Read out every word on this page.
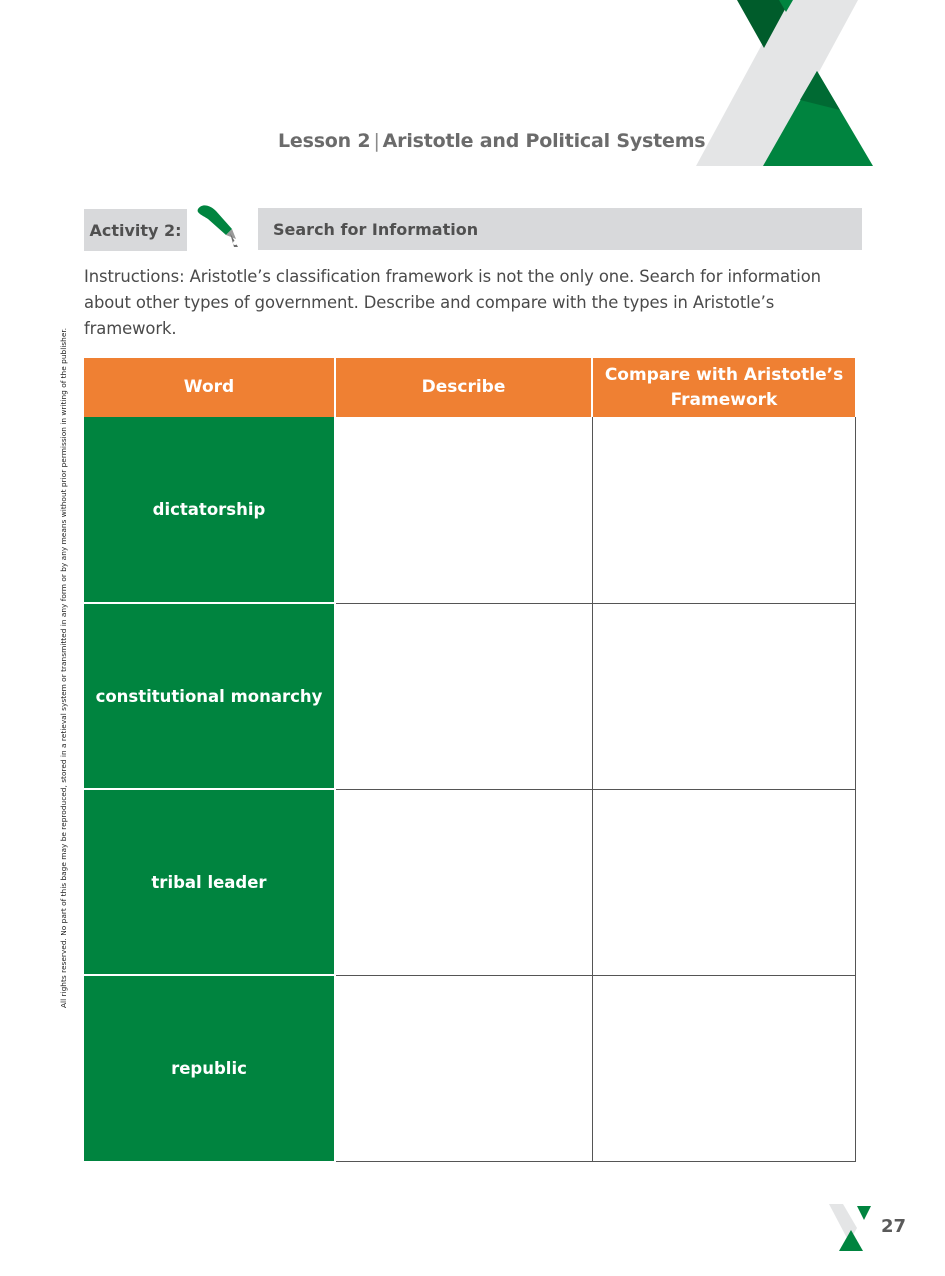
Lesson 2 | Aristotle and Political Systems
Activity 2:	Search for Information
Instructions: Aristotle’s classification framework is not the only one. Search for information about other types of government. Describe and compare with the types in Aristotle’s framework.
All rights reserved. No part of this bage may be reproduced, stored in a retieval system or transmitted in any form or by any means without prior permission in writing of the publisher.	Word	Describe	Compare with Aristotle’s Framework
dictatorship		
constitutional monarchy		
tribal leader		
republic		
27
